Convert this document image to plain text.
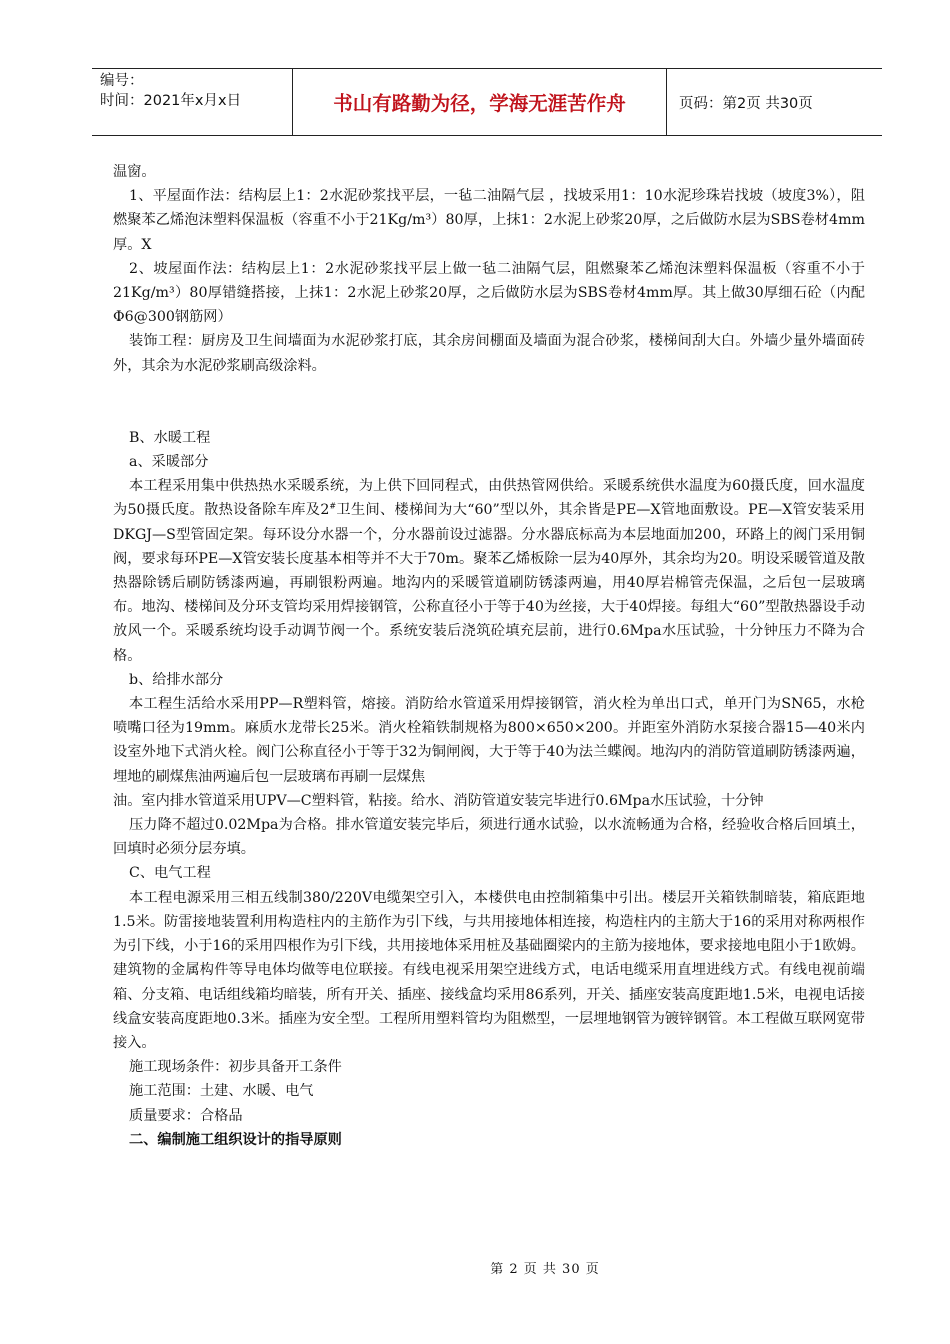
编号：
时间：2021年x月x日	书山有路勤为径，学海无涯苦作舟	页码：第2页 共30页

温窗。

1、平屋面作法：结构层上1：2水泥砂浆找平层，一毡二油隔气层 ，找坡采用1：10水泥珍珠岩找坡（坡度3%），阻燃聚苯乙烯泡沫塑料保温板（容重不小于21Kg/m³）80厚，上抹1：2水泥上砂浆20厚，之后做防水层为SBS卷材4mm厚。X

2、坡屋面作法：结构层上1：2水泥砂浆找平层上做一毡二油隔气层，阻燃聚苯乙烯泡沫塑料保温板（容重不小于21Kg/m³）80厚错缝搭接，上抹1：2水泥上砂浆20厚，之后做防水层为SBS卷材4mm厚。其上做30厚细石砼（内配Φ6@300钢筋网）

装饰工程：厨房及卫生间墙面为水泥砂浆打底，其余房间棚面及墙面为混合砂浆，楼梯间刮大白。外墙少量外墙面砖外，其余为水泥砂浆刷高级涂料。

B、水暖工程

a、采暖部分

本工程采用集中供热热水采暖系统，为上供下回同程式，由供热管网供给。采暖系统供水温度为60摄氏度，回水温度为50摄氏度。散热设备除车库及2#卫生间、楼梯间为大“60”型以外，其余皆是PE—X管地面敷设。PE—X管安装采用DKGJ—S型管固定架。每环设分水器一个，分水器前设过滤器。分水器底标高为本层地面加200，环路上的阀门采用铜阀，要求每环PE—X管安装长度基本相等并不大于70m。聚苯乙烯板除一层为40厚外，其余均为20。明设采暖管道及散热器除锈后刷防锈漆两遍，再刷银粉两遍。地沟内的采暖管道刷防锈漆两遍，用40厚岩棉管壳保温，之后包一层玻璃布。地沟、楼梯间及分环支管均采用焊接钢管，公称直径小于等于40为丝接，大于40焊接。每组大“60”型散热器设手动放风一个。采暖系统均设手动调节阀一个。系统安装后浇筑砼填充层前，进行0.6Mpa水压试验，十分钟压力不降为合格。

b、给排水部分

本工程生活给水采用PP—R塑料管，熔接。消防给水管道采用焊接钢管，消火栓为单出口式，单开门为SN65，水枪喷嘴口径为19mm。麻质水龙带长25米。消火栓箱铁制规格为800×650×200。并距室外消防水泵接合器15—40米内设室外地下式消火栓。阀门公称直径小于等于32为铜闸阀，大于等于40为法兰蝶阀。地沟内的消防管道刷防锈漆两遍，埋地的刷煤焦油两遍后包一层玻璃布再刷一层煤焦

油。室内排水管道采用UPV—C塑料管，粘接。给水、消防管道安装完毕进行0.6Mpa水压试验，十分钟

压力降不超过0.02Mpa为合格。排水管道安装完毕后，须进行通水试验，以水流畅通为合格，经验收合格后回填土，回填时必须分层夯填。

C、电气工程

本工程电源采用三相五线制380/220V电缆架空引入，本楼供电由控制箱集中引出。楼层开关箱铁制暗装，箱底距地1.5米。防雷接地装置利用构造柱内的主筋作为引下线，与共用接地体相连接，构造柱内的主筋大于16的采用对称两根作为引下线，小于16的采用四根作为引下线，共用接地体采用桩及基础圈梁内的主筋为接地体，要求接地电阻小于1欧姆。建筑物的金属构件等导电体均做等电位联接。有线电视采用架空进线方式，电话电缆采用直埋进线方式。有线电视前端箱、分支箱、电话组线箱均暗装，所有开关、插座、接线盒均采用86系列，开关、插座安装高度距地1.5米，电视电话接线盒安装高度距地0.3米。插座为安全型。工程所用塑料管均为阻燃型，一层埋地钢管为镀锌钢管。本工程做互联网宽带接入。

施工现场条件：初步具备开工条件

施工范围：土建、水暖、电气

质量要求：合格品

二、编制施工组织设计的指导原则

第 2 页 共 30 页
